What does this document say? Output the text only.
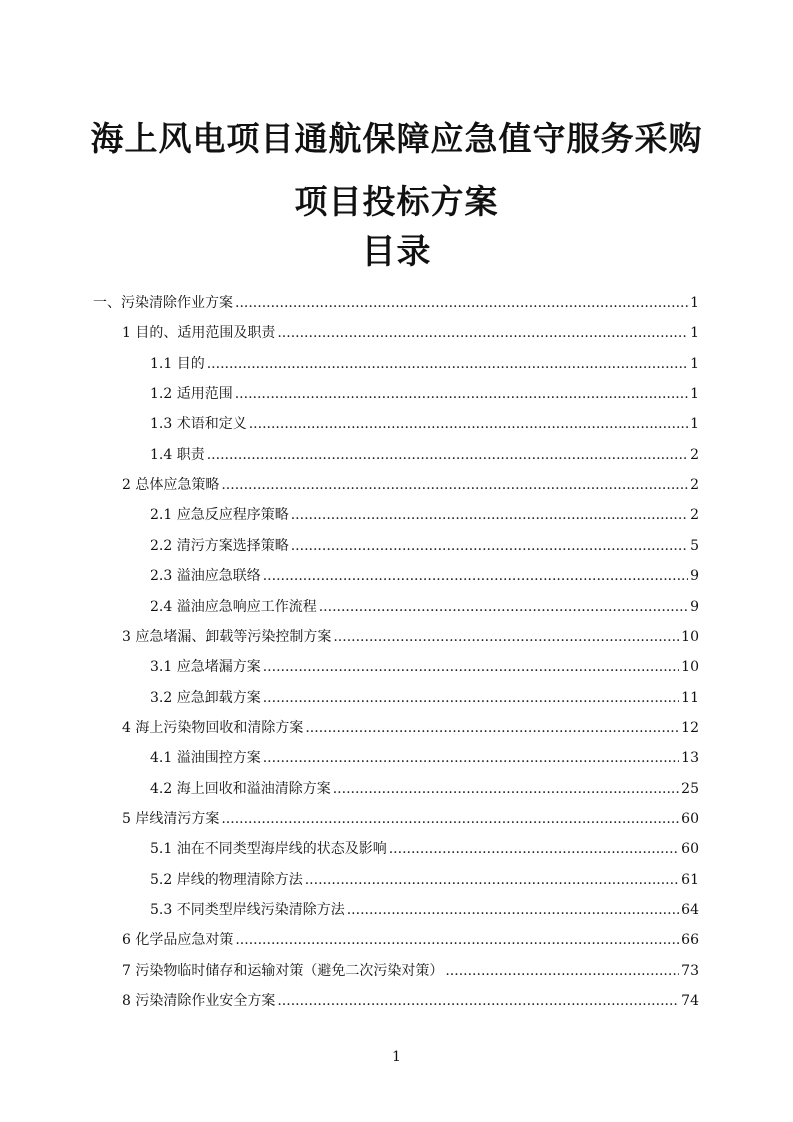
海上风电项目通航保障应急值守服务采购
项目投标方案
目录
一、污染清除作业方案 .....	1
1 目的、适用范围及职责 .....	1
1.1 目的 .....	1
1.2 适用范围 .....	1
1.3 术语和定义 .....	1
1.4 职责 .....	2
2 总体应急策略 .....	2
2.1 应急反应程序策略 .....	2
2.2 清污方案选择策略 .....	5
2.3 溢油应急联络 .....	9
2.4 溢油应急响应工作流程 .....	9
3 应急堵漏、卸载等污染控制方案 .....	10
3.1 应急堵漏方案 .....	10
3.2 应急卸载方案 .....	11
4 海上污染物回收和清除方案 .....	12
4.1 溢油围控方案 .....	13
4.2 海上回收和溢油清除方案 .....	25
5 岸线清污方案 .....	60
5.1 油在不同类型海岸线的状态及影响 .....	60
5.2 岸线的物理清除方法 .....	61
5.3 不同类型岸线污染清除方法 .....	64
6 化学品应急对策 .....	66
7 污染物临时储存和运输对策（避免二次污染对策） .....	73
8 污染清除作业安全方案 .....	74
1
